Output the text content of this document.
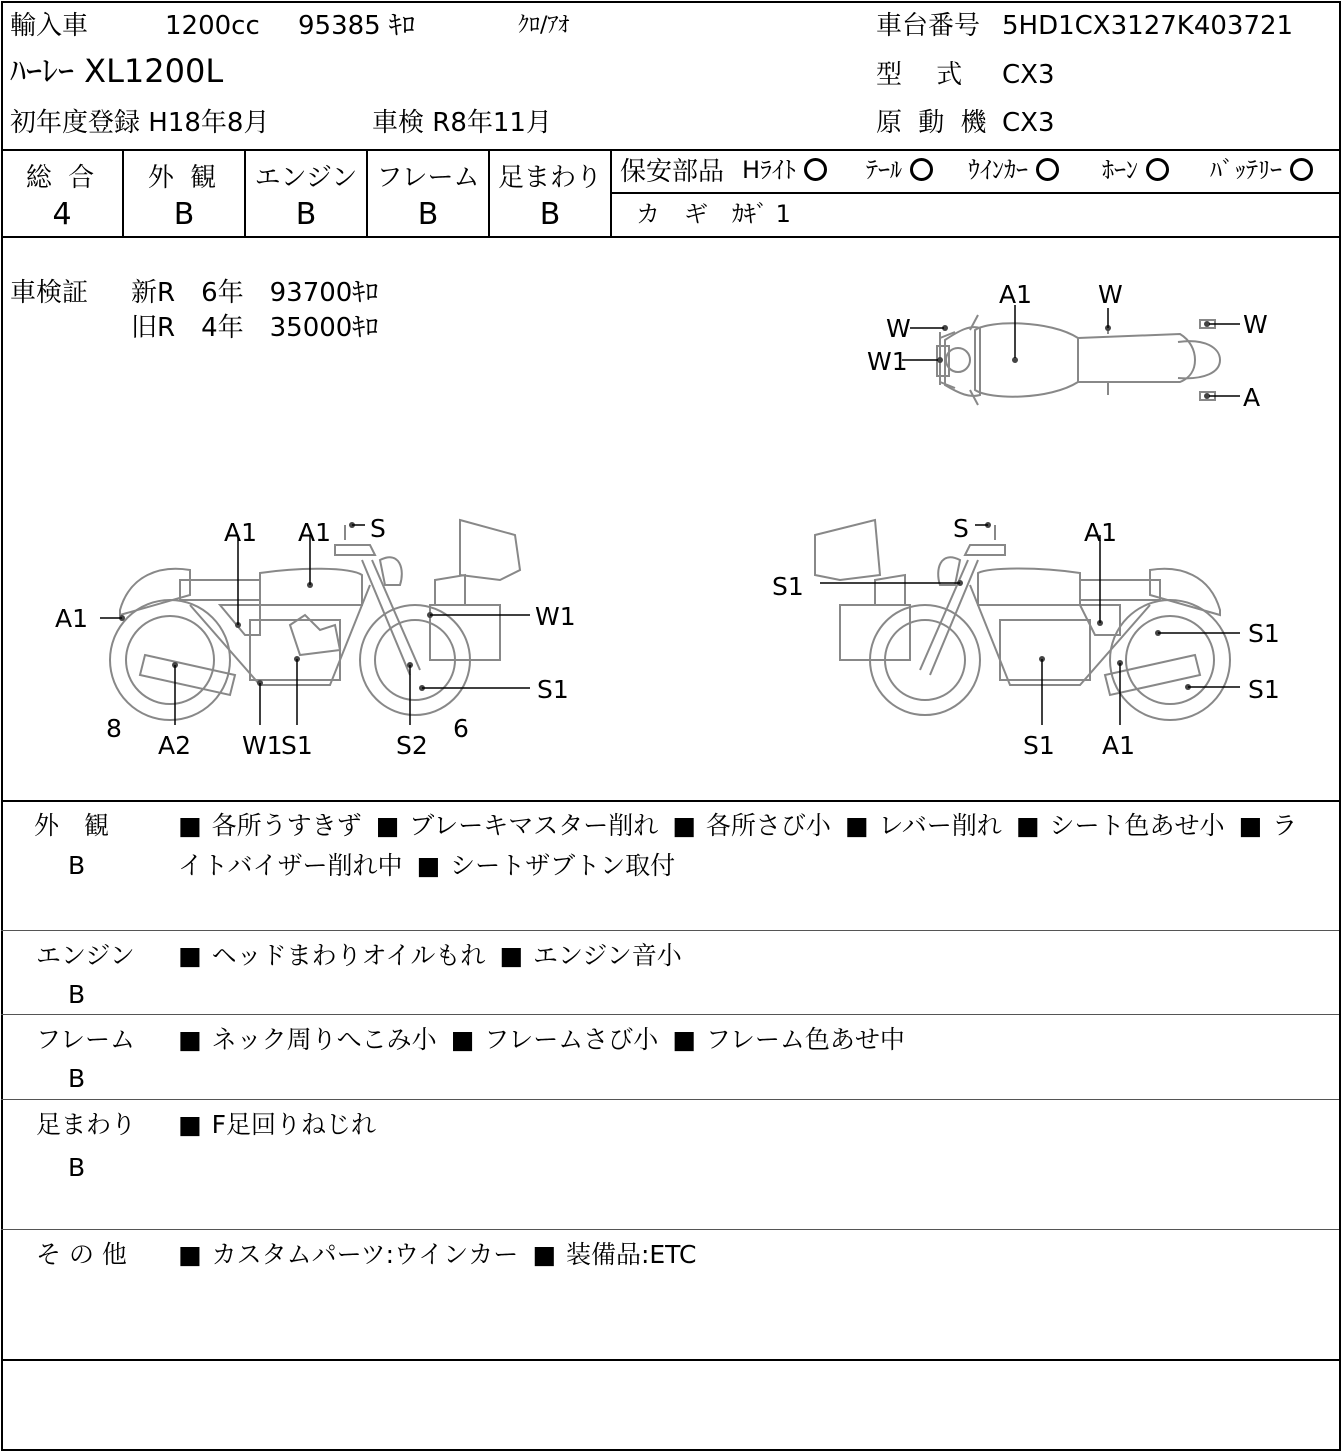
輸入車	1200cc 95385 ｷﾛ	ｸﾛ/ｱｵ
ﾊｰﾚｰ XL1200L
初年度登録 H18年8月	車検 R8年11月
車台番号 5HD1CX3127K403721
型　 式 CX3
原 動 機 CX3
総 合
4
外 観
B
エンジン
B
フレーム
B
足まわり
B
保安部品 Hﾗｲﾄ	ﾃｰﾙ	ｳｲﾝｶｰ	ﾎｰﾝ	ﾊﾞｯﾃﾘｰ
カ　ギ　ｶｷﾞ 1
車検証 新R　6年　93700ｷﾛ
旧R　4年　35000ｷﾛ
A1	W
W
W1
W
A
A1
A1	S
A1
W1
S1
8
A2 W1
S1	S2
6
S	A1
S1
S1
S1
S1 A1
外　観
B
■ 各所うすきず ■ ブレーキマスター削れ ■ 各所さび小 ■ レバー削れ ■ シート色あせ小 ■ ライトバイザー削れ中 ■ シートザブトン取付
エンジン
B
■ ヘッドまわりオイルもれ ■ エンジン音小
フレーム
B
■ ネック周りへこみ小 ■ フレームさび小 ■ フレーム色あせ中
足まわり
B
■ F足回りねじれ
そ の 他	■ カスタムパーツ:ウインカー ■ 装備品:ETC
